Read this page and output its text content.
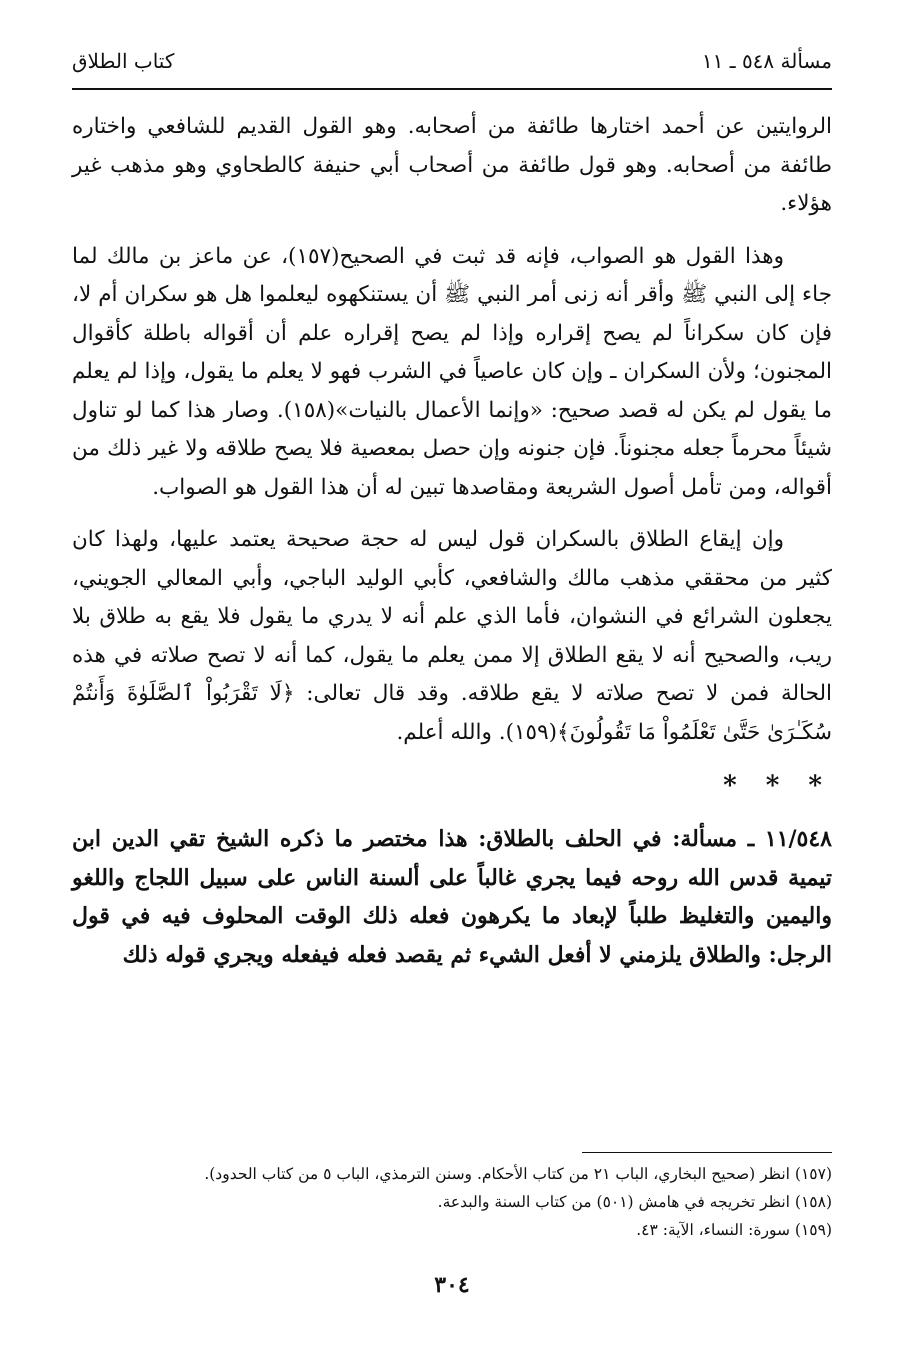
مسألة ٥٤٨ ـ ١١
كتاب الطلاق

الروايتين عن أحمد اختارها طائفة من أصحابه. وهو القول القديم للشافعي واختاره طائفة من أصحابه. وهو قول طائفة من أصحاب أبي حنيفة كالطحاوي وهو مذهب غير هؤلاء.

وهذا القول هو الصواب، فإنه قد ثبت في الصحيح(١٥٧)، عن ماعز بن مالك لما جاء إلى النبي ﷺ وأقر أنه زنى أمر النبي ﷺ أن يستنكهوه ليعلموا هل هو سكران أم لا، فإن كان سكراناً لم يصح إقراره وإذا لم يصح إقراره علم أن أقواله باطلة كأقوال المجنون؛ ولأن السكران ـ وإن كان عاصياً في الشرب فهو لا يعلم ما يقول، وإذا لم يعلم ما يقول لم يكن له قصد صحيح: «وإنما الأعمال بالنيات»(١٥٨). وصار هذا كما لو تناول شيئاً محرماً جعله مجنوناً. فإن جنونه وإن حصل بمعصية فلا يصح طلاقه ولا غير ذلك من أقواله، ومن تأمل أصول الشريعة ومقاصدها تبين له أن هذا القول هو الصواب.

وإن إيقاع الطلاق بالسكران قول ليس له حجة صحيحة يعتمد عليها، ولهذا كان كثير من محققي مذهب مالك والشافعي، كأبي الوليد الباجي، وأبي المعالي الجويني، يجعلون الشرائع في النشوان، فأما الذي علم أنه لا يدري ما يقول فلا يقع به طلاق بلا ريب، والصحيح أنه لا يقع الطلاق إلا ممن يعلم ما يقول، كما أنه لا تصح صلاته في هذه الحالة فمن لا تصح صلاته لا يقع طلاقه. وقد قال تعالى: ﴿لَا تَقْرَبُواْ ٱلصَّلَوٰةَ وَأَنتُمْ سُكَـٰرَىٰ حَتَّىٰ تَعْلَمُواْ مَا تَقُولُونَ﴾(١٥٩). والله أعلم.

* * *

١١/٥٤٨ ـ مسألة: في الحلف بالطلاق: هذا مختصر ما ذكره الشيخ تقي الدين ابن تيمية قدس الله روحه فيما يجري غالباً على ألسنة الناس على سبيل اللجاج واللغو واليمين والتغليظ طلباً لإبعاد ما يكرهون فعله ذلك الوقت المحلوف فيه في قول الرجل: والطلاق يلزمني لا أفعل الشيء ثم يقصد فعله فيفعله ويجري قوله ذلك

(١٥٧) انظر (صحيح البخاري، الباب ٢١ من كتاب الأحكام. وسنن الترمذي، الباب ٥ من كتاب الحدود).
(١٥٨) انظر تخريجه في هامش (٥٠١) من كتاب السنة والبدعة.
(١٥٩) سورة: النساء، الآية: ٤٣.
٣٠٤
